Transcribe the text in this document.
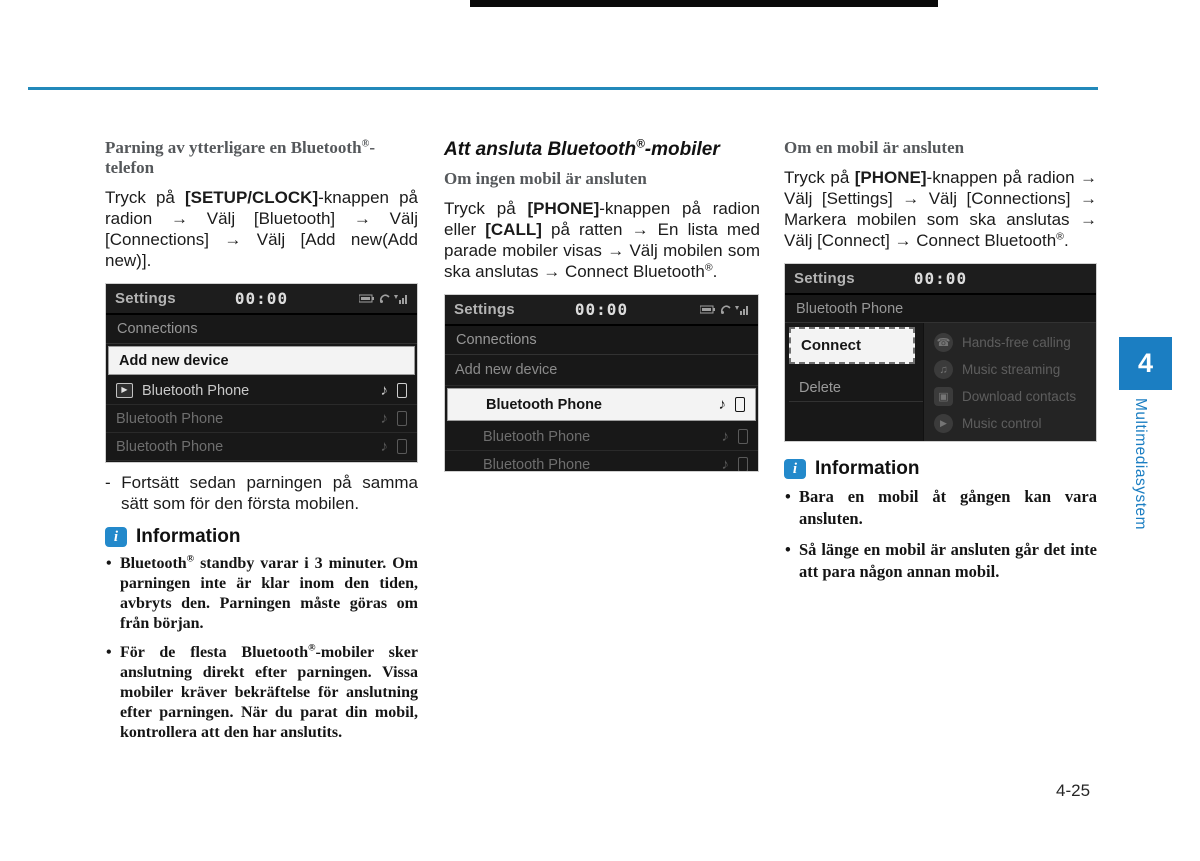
Parning av ytterligare en Bluetooth®-telefon

Tryck på [SETUP/CLOCK]-knappen på radion → Välj [Bluetooth] → Välj [Connections] → Välj [Add new(Add new)].

Settings	00:00
Connections
Add new device
▶ Bluetooth Phone	♪
Bluetooth Phone	♪
Bluetooth Phone	♪

- Fortsätt sedan parningen på samma sätt som för den första mobilen.

i Information
• Bluetooth® standby varar i 3 minuter. Om parningen inte är klar inom den tiden, avbryts den. Parningen måste göras om från början.
• För de flesta Bluetooth®-mobiler sker anslutning direkt efter parningen. Vissa mobiler kräver bekräftelse för anslutning efter parningen. När du parat din mobil, kontrollera att den har anslutits.
Att ansluta Bluetooth®-mobiler
Om ingen mobil är ansluten

Tryck på [PHONE]-knappen på radion eller [CALL] på ratten → En lista med parade mobiler visas → Välj mobilen som ska anslutas → Connect Bluetooth®.

Settings	00:00
Connections
Add new device
Bluetooth Phone	♪
Bluetooth Phone	♪
Bluetooth Phone	♪
Om en mobil är ansluten

Tryck på [PHONE]-knappen på radion → Välj [Settings] → Välj [Connections] → Markera mobilen som ska anslutas → Välj [Connect] → Connect Bluetooth®.

Settings	00:00
Bluetooth Phone
Connect
Delete
☎ Hands-free calling
♫	Music streaming
▣ Download contacts
▶	Music control
i Information
• Bara en mobil åt gången kan vara ansluten.
• Så länge en mobil är ansluten går det inte att para någon annan mobil.
4
Multimediasystem
4-25
